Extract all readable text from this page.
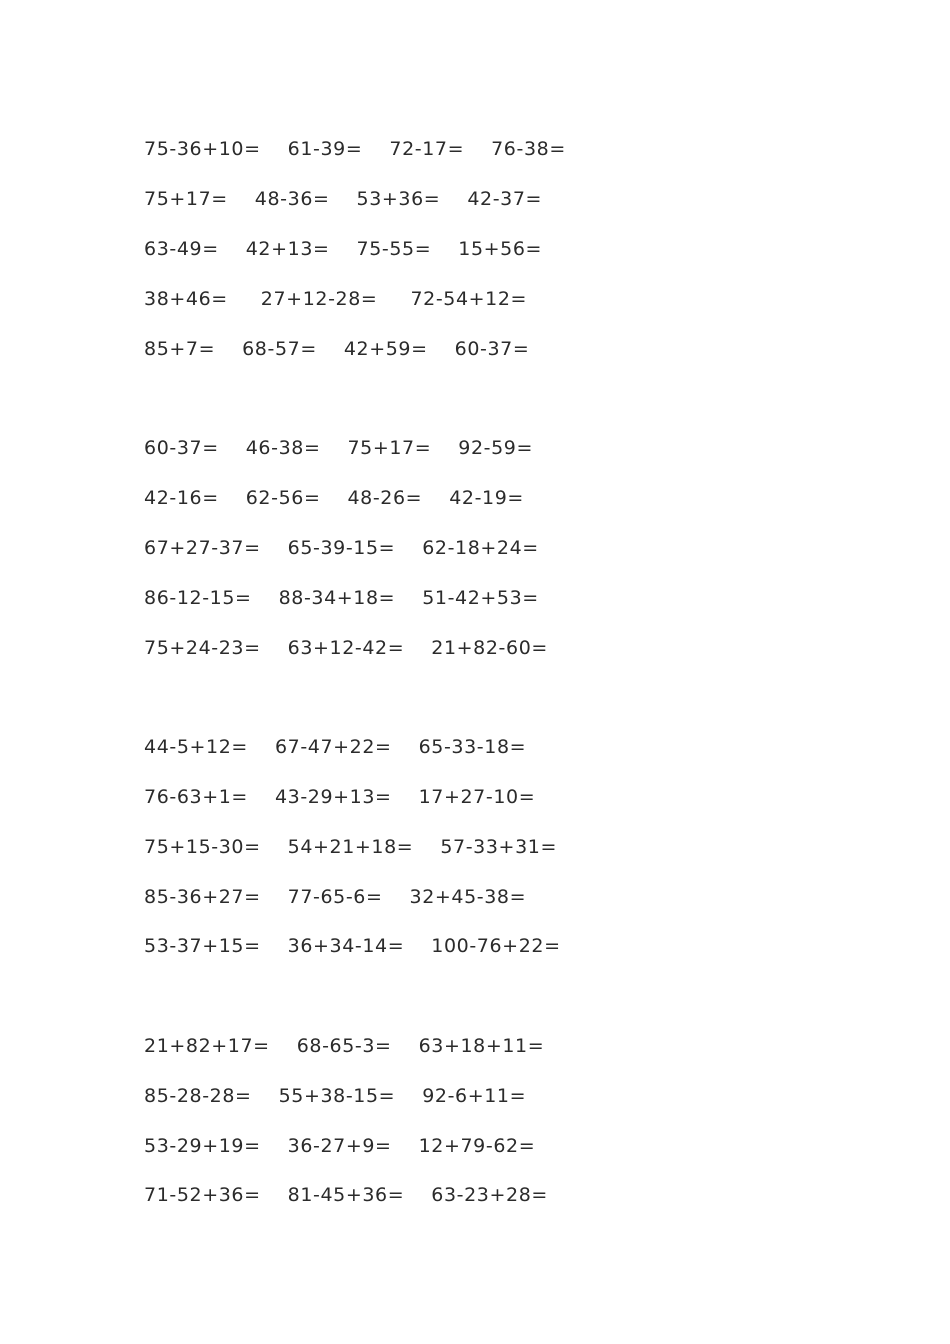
75-36+10= 61-39= 72-17= 76-38=
75+17= 48-36= 53+36= 42-37=
63-49= 42+13= 75-55= 15+56=
38+46= 27+12-28= 72-54+12=
85+7= 68-57= 42+59= 60-37=
60-37= 46-38= 75+17= 92-59=
42-16= 62-56= 48-26= 42-19=
67+27-37= 65-39-15= 62-18+24=
86-12-15= 88-34+18= 51-42+53=
75+24-23= 63+12-42= 21+82-60=
44-5+12= 67-47+22= 65-33-18=
76-63+1= 43-29+13= 17+27-10=
75+15-30= 54+21+18= 57-33+31=
85-36+27= 77-65-6= 32+45-38=
53-37+15= 36+34-14= 100-76+22=
21+82+17= 68-65-3= 63+18+11=
85-28-28= 55+38-15= 92-6+11=
53-29+19= 36-27+9= 12+79-62=
71-52+36= 81-45+36= 63-23+28=
